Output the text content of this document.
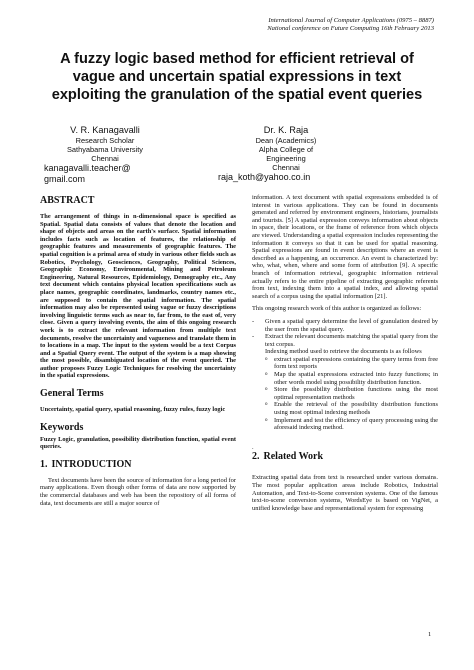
International Journal of Computer Applications (0975 – 8887)
National conference on Future Computing 16th February 2013
A fuzzy logic based method for efficient retrieval of vague and uncertain spatial expressions in text exploiting the granulation of the spatial event queries
V. R. Kanagavalli
Research Scholar
Sathyabama University
Chennai
kanagavalli.teacher@
gmail.com
Dr. K. Raja
Dean (Academics)
Alpha College of
Engineering
Chennai
raja_koth@yahoo.co.in
ABSTRACT

The arrangement of things in n-dimensional space is specified as Spatial. Spatial data consists of values that denote the location and shape of objects and areas on the earth's surface. Spatial information includes facts such as location of features, the relationship of geographic features and measurements of geographic features. The spatial cognition is a primal area of study in various other fields such as Robotics, Psychology, Geosciences, Geography, Political Sciences, Geographic Economy, Environmental, Mining and Petroleum Engineering, Natural Resources, Epidemiology, Demography etc., Any text document which contains physical location specifications such as place names, geographic coordinates, landmarks, country names etc., are supposed to contain the spatial information. The spatial information may also be represented using vague or fuzzy descriptions involving linguistic terms such as near to, far from, to the east of, very close. Given a query involving events, the aim of this ongoing research work is to extract the relevant information from multiple text documents, resolve the uncertainty and vagueness and translate them in to locations in a map. The input to the system would be a text Corpus and a Spatial Query event. The output of the system is a map showing the most possible, disambiguated location of the event queried. The author proposes Fuzzy Logic Techniques for resolving the uncertainty in the spatial expressions.

General Terms

Uncertainty, spatial query, spatial reasoning, fuzzy rules, fuzzy logic

Keywords

Fuzzy Logic, granulation, possibility distribution function, spatial event queries.

1. INTRODUCTION

Text documents have been the source of information for a long period for many applications. Even though other forms of data are now supported by the commercial databases and web has been the repository of all forms of data, text documents are still a major source of

information. A text document with spatial expressions embedded is of interest in various applications. They can be found in documents generated and referred by environment engineers, historians, journalists and tourists. [5] A spatial expression conveys information about objects in space, their locations, or the frame of reference from which objects are viewed. Understanding a spatial expression includes representing the information it conveys so that it can be used for spatial reasoning. Spatial expressions are found in event descriptions where an event is described as a happening, an occurrence. An event is characterized by: who, what, when, where and some form of attribution [9]. A specific branch of information retrieval, geographic information retrieval actually refers to the entire pipeline of extracting geographic referents from text, indexing them into a spatial index, and allowing spatial search of a corpus using the spatial information [21].

This ongoing research work of this author is organized as follows:

- Given a spatial query determine the level of granulation desired by the user from the spatial query.
- Extract the relevant documents matching the spatial query from the text corpus.
Indexing method used to retrieve the documents is as follows
o extract spatial expressions containing the query terms from free form text reports
o Map the spatial expressions extracted into fuzzy functions; in other words model using possibility distribution function.
o Store the possibility distribution functions using the most optimal representation methods
o Enable the retrieval of the possibility distribution functions using most optimal indexing methods
o Implement and test the efficiency of query processing using the aforesaid indexing method.
.
2. Related Work

Extracting spatial data from text is researched under various domains. The most popular application areas include Robotics, Industrial Automation, and Text-to-Scene conversion systems. One of the famous text-to-scene conversion systems, WordsEye is based on VigNet, a unified knowledge base and representational system for expressing

1
